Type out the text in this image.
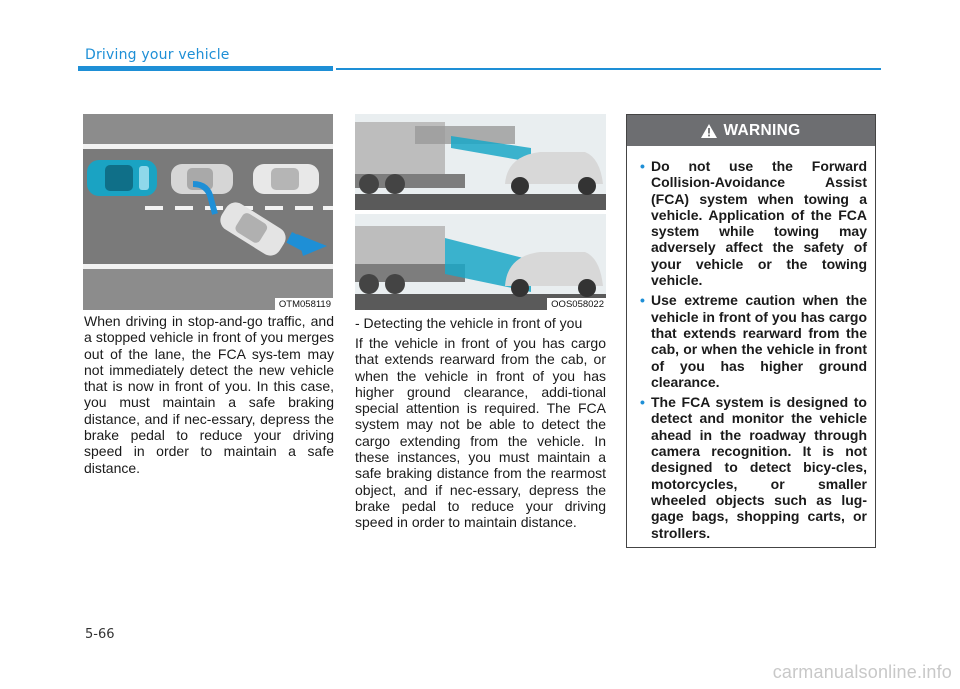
Driving your vehicle
OTM058119	OOS058022

When driving in stop-and-go traffic, and a stopped vehicle in front of you merges out of the lane, the FCA sys-tem may not immediately detect the new vehicle that is now in front of you. In this case, you must maintain a safe braking distance, and if nec-essary, depress the brake pedal to reduce your driving speed in order to maintain a safe distance.

- Detecting the vehicle in front of you

If the vehicle in front of you has cargo that extends rearward from the cab, or when the vehicle in front of you has higher ground clearance, addi-tional special attention is required. The FCA system may not be able to detect the cargo extending from the vehicle. In these instances, you must maintain a safe braking distance from the rearmost object, and if nec-essary, depress the brake pedal to reduce your driving speed in order to maintain distance.

WARNING
• Do not use the Forward Collision-Avoidance Assist (FCA) system when towing a vehicle. Application of the FCA system while towing may adversely affect the safety of your vehicle or the towing vehicle.
• Use extreme caution when the vehicle in front of you has cargo that extends rearward from the cab, or when the vehicle in front of you has higher ground clearance.
• The FCA system is designed to detect and monitor the vehicle ahead in the roadway through camera recognition. It is not designed to detect bicy-cles, motorcycles, or smaller wheeled objects such as lug-gage bags, shopping carts, or strollers.
5-66
carmanualsonline.info
